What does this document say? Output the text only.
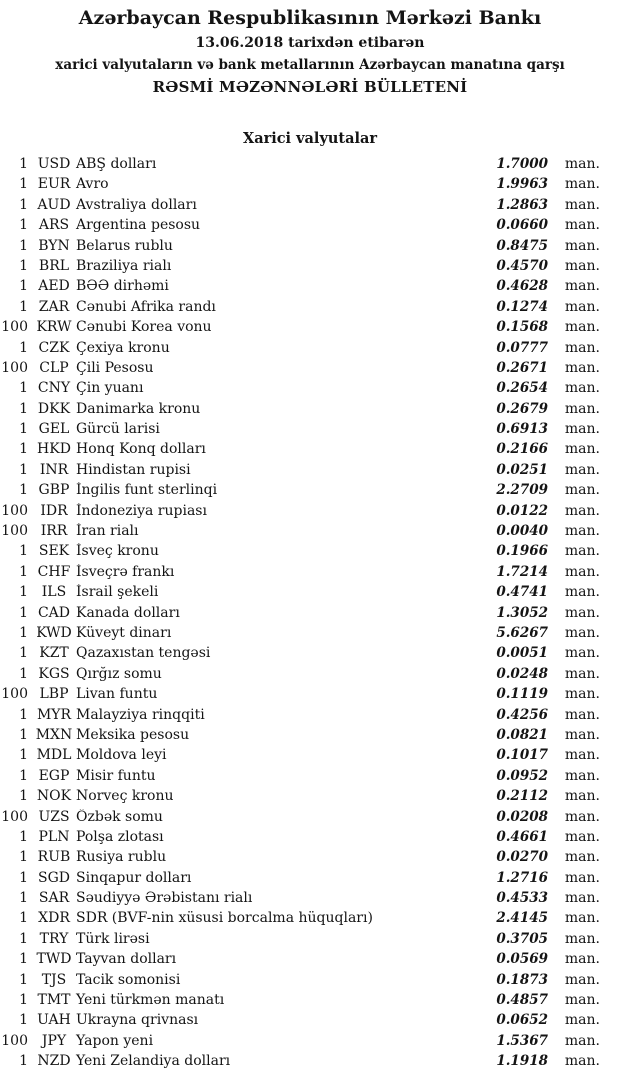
Azərbaycan Respublikasının Mərkəzi Bankı
13.06.2018 tarixdən etibarən
xarici valyutaların və bank metallarının Azərbaycan manatına qarşı
RƏSMİ MƏZƏNNƏLƏRİ BÜLLETENİ
Xarici valyutalar
1 USD ABŞ dolları	1.7000	man.
1 EUR Avro	1.9963	man.
1 AUD Avstraliya dolları	1.2863	man.
1 ARS Argentina pesosu	0.0660	man.
1 BYN Belarus rublu	0.8475	man.
1 BRL Braziliya rialı	0.4570	man.
1 AED BƏƏ dirhəmi	0.4628	man.
1 ZAR Cənubi Afrika randı	0.1274	man.
100 KRW Cənubi Korea vonu	0.1568	man.
1 CZK Çexiya kronu	0.0777	man.
100 CLP Çili Pesosu	0.2671	man.
1 CNY Çin yuanı	0.2654	man.
1 DKK Danimarka kronu	0.2679	man.
1 GEL Gürcü larisi	0.6913	man.
1 HKD Honq Konq dolları	0.2166	man.
1 INR Hindistan rupisi	0.0251	man.
1 GBP İngilis funt sterlinqi	2.2709	man.
100 IDR İndoneziya rupiası	0.0122	man.
100 IRR İran rialı	0.0040	man.
1 SEK İsveç kronu	0.1966	man.
1 CHF İsveçrə frankı	1.7214	man.
1 ILS İsrail şekeli	0.4741	man.
1 CAD Kanada dolları	1.3052	man.
1 KWD Küveyt dinarı	5.6267	man.
1 KZT Qazaxıstan tengəsi	0.0051	man.
1 KGS Qırğız somu	0.0248	man.
100 LBP Livan funtu	0.1119	man.
1 MYR Malayziya rinqqiti	0.4256	man.
1 MXN Meksika pesosu	0.0821	man.
1 MDL Moldova leyi	0.1017	man.
1 EGP Misir funtu	0.0952	man.
1 NOK Norveç kronu	0.2112	man.
100 UZS Özbək somu	0.0208	man.
1 PLN Polşa zlotası	0.4661	man.
1 RUB Rusiya rublu	0.0270	man.
1 SGD Sinqapur dolları	1.2716	man.
1 SAR Səudiyyə Ərəbistanı rialı	0.4533	man.
1 XDR SDR (BVF-nin xüsusi borcalma hüquqları)	2.4145	man.
1 TRY Türk lirəsi	0.3705	man.
1 TWD Tayvan dolları	0.0569	man.
1 TJS Tacik somonisi	0.1873	man.
1 TMT Yeni türkmən manatı	0.4857	man.
1 UAH Ukrayna qrivnası	0.0652	man.
100 JPY Yapon yeni	1.5367	man.
1 NZD Yeni Zelandiya dolları	1.1918	man.
